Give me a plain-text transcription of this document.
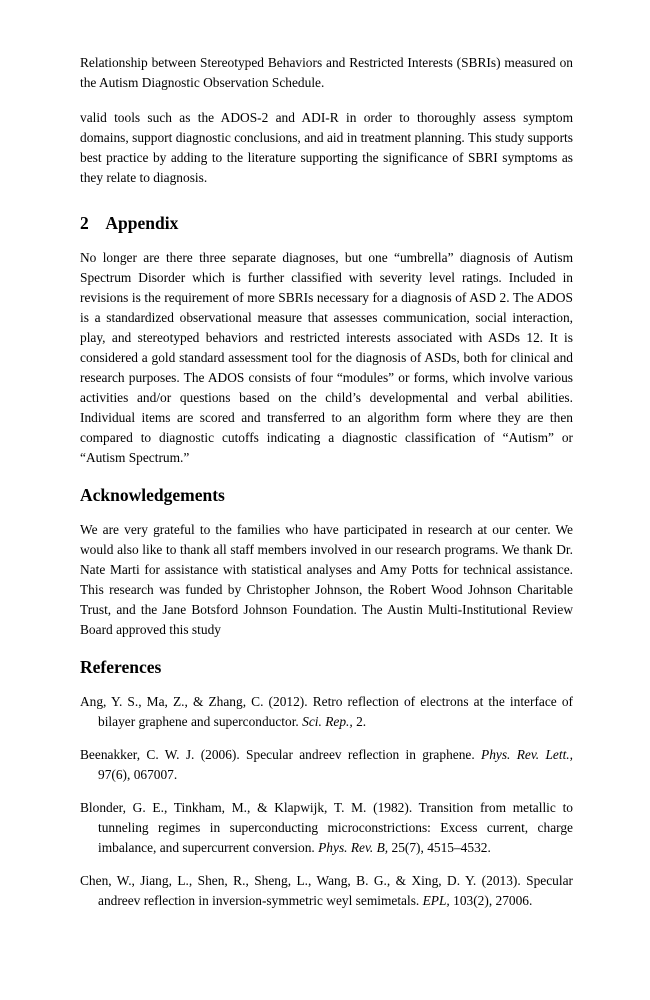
Relationship between Stereotyped Behaviors and Restricted Interests (SBRIs) measured on the Autism Diagnostic Observation Schedule.

valid tools such as the ADOS-2 and ADI-R in order to thoroughly assess symptom domains, support diagnostic conclusions, and aid in treatment planning. This study supports best practice by adding to the literature supporting the significance of SBRI symptoms as they relate to diagnosis.

2 Appendix

No longer are there three separate diagnoses, but one “umbrella” diagnosis of Autism Spectrum Disorder which is further classified with severity level ratings. Included in revisions is the requirement of more SBRIs necessary for a diagnosis of ASD 2. The ADOS is a standardized observational measure that assesses communication, social interaction, play, and stereotyped behaviors and restricted interests associated with ASDs 12. It is considered a gold standard assessment tool for the diagnosis of ASDs, both for clinical and research purposes. The ADOS consists of four “modules” or forms, which involve various activities and/or questions based on the child’s developmental and verbal abilities. Individual items are scored and transferred to an algorithm form where they are then compared to diagnostic cutoffs indicating a diagnostic classification of “Autism” or “Autism Spectrum.”

Acknowledgements

We are very grateful to the families who have participated in research at our center. We would also like to thank all staff members involved in our research programs. We thank Dr. Nate Marti for assistance with statistical analyses and Amy Potts for technical assistance. This research was funded by Christopher Johnson, the Robert Wood Johnson Charitable Trust, and the Jane Botsford Johnson Foundation. The Austin Multi-Institutional Review Board approved this study

References

Ang, Y. S., Ma, Z., & Zhang, C. (2012). Retro reflection of electrons at the interface of bilayer graphene and superconductor. Sci. Rep., 2.

Beenakker, C. W. J. (2006). Specular andreev reflection in graphene. Phys. Rev. Lett., 97(6), 067007.

Blonder, G. E., Tinkham, M., & Klapwijk, T. M. (1982). Transition from metallic to tunneling regimes in superconducting microconstrictions: Excess current, charge imbalance, and supercurrent conversion. Phys. Rev. B, 25(7), 4515–4532.

Chen, W., Jiang, L., Shen, R., Sheng, L., Wang, B. G., & Xing, D. Y. (2013). Specular andreev reflection in inversion-symmetric weyl semimetals. EPL, 103(2), 27006.
